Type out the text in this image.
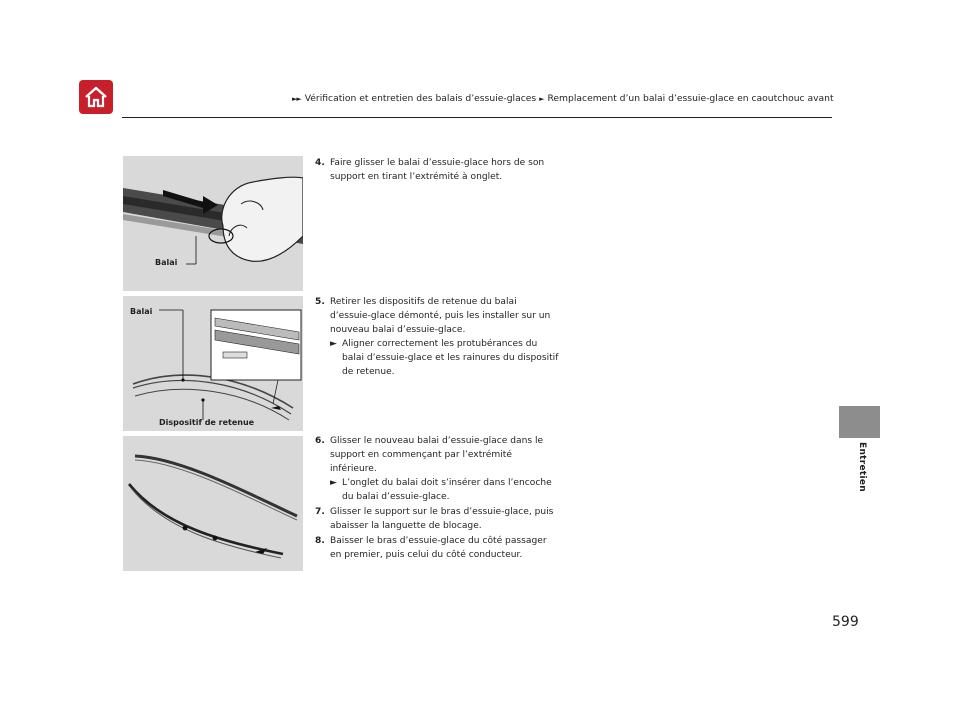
►► Vérification et entretien des balais d’essuie-glaces ► Remplacement d’un balai d’essuie-glace en caoutchouc avant
Entretien
Balai
Balai
Dispositif de retenue
4. Faire glisser le balai d’essuie-glace hors de son support en tirant l’extrémité à onglet.
5. Retirer les dispositifs de retenue du balai d’essuie-glace démonté, puis les installer sur un nouveau balai d’essuie-glace.
► Aligner correctement les protubérances du balai d’essuie-glace et les rainures du dispositif de retenue.
6. Glisser le nouveau balai d’essuie-glace dans le support en commençant par l’extrémité inférieure.
► L’onglet du balai doit s’insérer dans l’encoche du balai d’essuie-glace.
7. Glisser le support sur le bras d’essuie-glace, puis abaisser la languette de blocage.
8. Baisser le bras d’essuie-glace du côté passager en premier, puis celui du côté conducteur.
599
